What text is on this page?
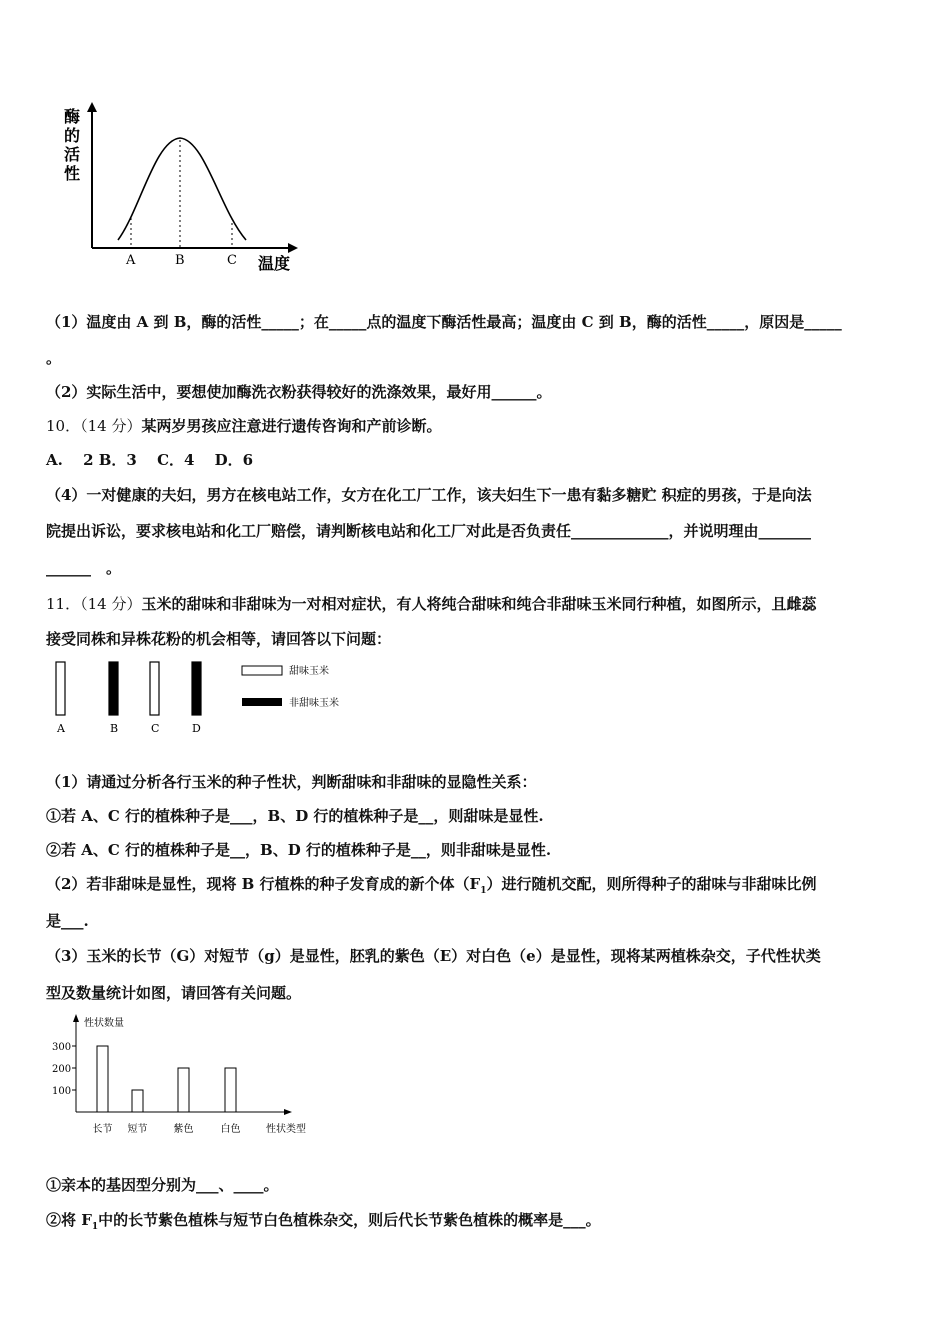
酶
的
活
性
A	B	C 温度
（1）温度由 A 到 B，酶的活性_____；在_____点的温度下酶活性最高；温度由 C 到 B，酶的活性_____，原因是_____
。
（2）实际生活中，要想使加酶洗衣粉获得较好的洗涤效果，最好用______。
10．（14 分）某两岁男孩应注意进行遗传咨询和产前诊断。
A.　 2 B．3　 C．4　 D．6
（4）一对健康的夫妇，男方在核电站工作，女方在化工厂工作，该夫妇生下一患有黏多糖贮 积症的男孩，于是向法
院提出诉讼，要求核电站和化工厂赔偿，请判断核电站和化工厂对此是否负责任_____________，并说明理由_______
______　。
11．（14 分）玉米的甜味和非甜味为一对相对症状，有人将纯合甜味和纯合非甜味玉米同行种植，如图所示，且雌蕊
接受同株和异株花粉的机会相等，请回答以下问题：
A	B	C	D
甜味玉米
非甜味玉米
（1）请通过分析各行玉米的种子性状，判断甜味和非甜味的显隐性关系：
①若 A、C 行的植株种子是___，B、D 行的植株种子是__，则甜味是显性.
②若 A、C 行的植株种子是__，B、D 行的植株种子是__，则非甜味是显性.
（2）若非甜味是显性，现将 B 行植株的种子发育成的新个体$(F_1)$进行随机交配，则所得种子的甜味与非甜味比例
是___.
（3）玉米的长节（G）对短节（g）是显性，胚乳的紫色（E）对白色（e）是显性，现将某两植株杂交，子代性状类
型及数量统计如图，请回答有关问题。
性状数量
性状类型
100
200
300
长节 短节	紫色	白色
①亲本的基因型分别为___、____。
②将 $F_1$中的长节紫色植株与短节白色植株杂交，则后代长节紫色植株的概率是___。
